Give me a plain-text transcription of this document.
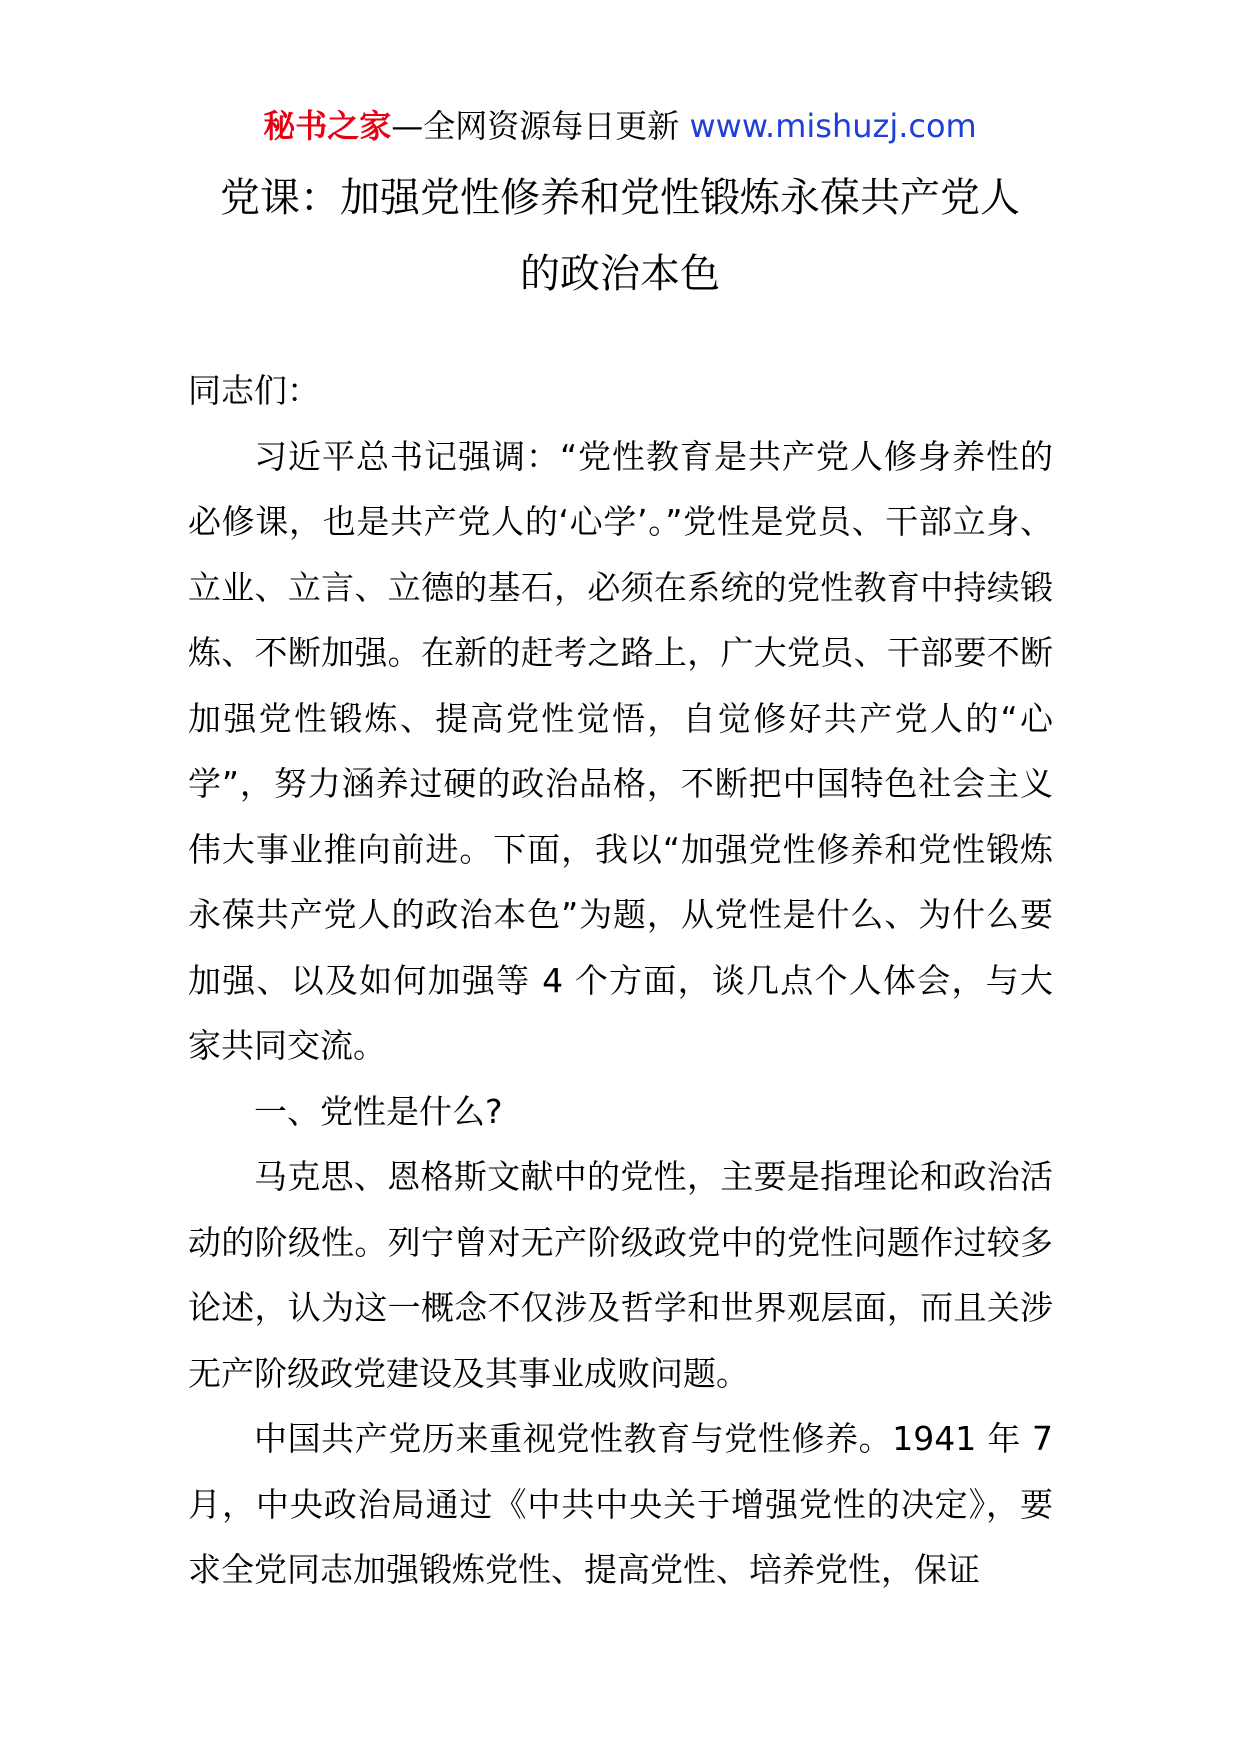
秘书之家—全网资源每日更新 www.mishuzj.com
党课：加强党性修养和党性锻炼永葆共产党人
的政治本色

同志们：

习近平总书记强调：“党性教育是共产党人修身养性的必修课，也是共产党人的‘心学’。”党性是党员、干部立身、立业、立言、立德的基石，必须在系统的党性教育中持续锻炼、不断加强。在新的赶考之路上，广大党员、干部要不断加强党性锻炼、提高党性觉悟，自觉修好共产党人的“心学”，努力涵养过硬的政治品格，不断把中国特色社会主义伟大事业推向前进。下面，我以“加强党性修养和党性锻炼永葆共产党人的政治本色”为题，从党性是什么、为什么要加强、以及如何加强等 4 个方面，谈几点个人体会，与大家共同交流。

一、党性是什么?

马克思、恩格斯文献中的党性，主要是指理论和政治活动的阶级性。列宁曾对无产阶级政党中的党性问题作过较多论述，认为这一概念不仅涉及哲学和世界观层面，而且关涉无产阶级政党建设及其事业成败问题。

中国共产党历来重视党性教育与党性修养。1941 年 7 月，中央政治局通过《中共中央关于增强党性的决定》，要求全党同志加强锻炼党性、提高党性、培养党性，保证
